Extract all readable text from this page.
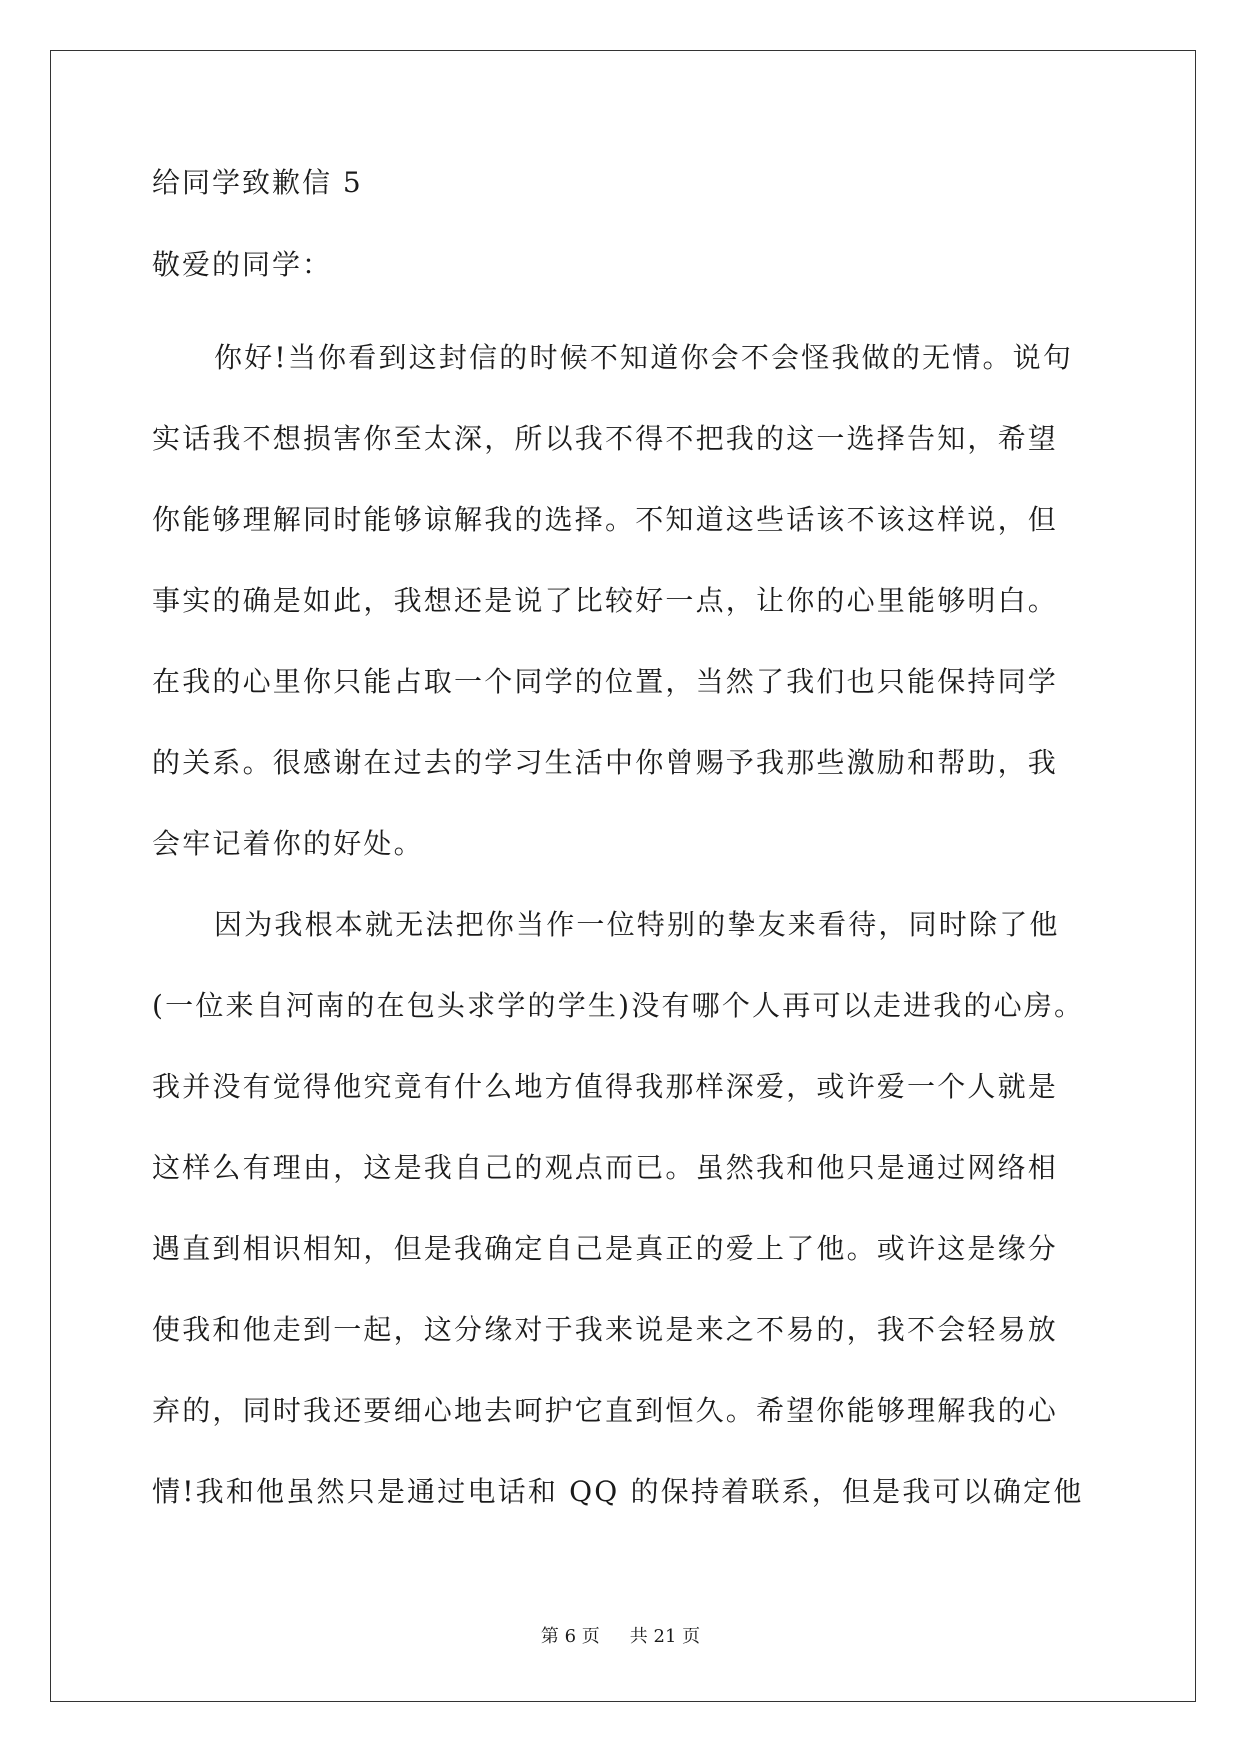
给同学致歉信 5
敬爱的同学：
你好!当你看到这封信的时候不知道你会不会怪我做的无情。说句
实话我不想损害你至太深，所以我不得不把我的这一选择告知，希望
你能够理解同时能够谅解我的选择。不知道这些话该不该这样说，但
事实的确是如此，我想还是说了比较好一点，让你的心里能够明白。
在我的心里你只能占取一个同学的位置，当然了我们也只能保持同学
的关系。很感谢在过去的学习生活中你曾赐予我那些激励和帮助，我
会牢记着你的好处。
因为我根本就无法把你当作一位特别的挚友来看待，同时除了他
(一位来自河南的在包头求学的学生)没有哪个人再可以走进我的心房。
我并没有觉得他究竟有什么地方值得我那样深爱，或许爱一个人就是
这样么有理由，这是我自己的观点而已。虽然我和他只是通过网络相
遇直到相识相知，但是我确定自己是真正的爱上了他。或许这是缘分
使我和他走到一起，这分缘对于我来说是来之不易的，我不会轻易放
弃的，同时我还要细心地去呵护它直到恒久。希望你能够理解我的心
情!我和他虽然只是通过电话和 QQ 的保持着联系，但是我可以确定他
第 6 页 共 21 页
